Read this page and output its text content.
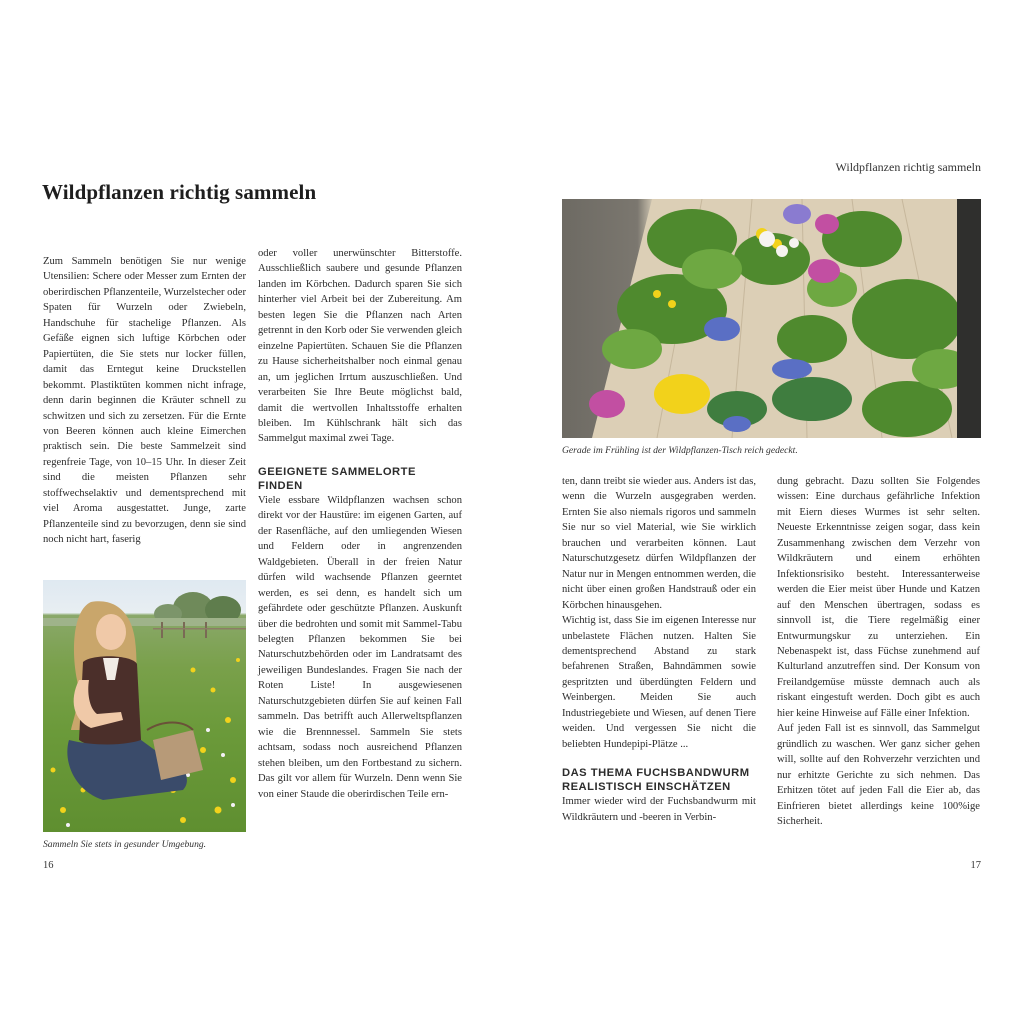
Wildpflanzen richtig sammeln

Zum Sammeln benötigen Sie nur wenige Utensilien: Schere oder Messer zum Ernten der oberirdischen Pflanzenteile, Wurzelstecher oder Spaten für Wurzeln oder Zwiebeln, Handschuhe für stachelige Pflanzen. Als Gefäße eignen sich luftige Körbchen oder Papiertüten, die Sie stets nur locker füllen, damit das Erntegut keine Druckstellen bekommt. Plastiktüten kommen nicht infrage, denn darin beginnen die Kräuter schnell zu schwitzen und sich zu zersetzen. Für die Ernte von Beeren können auch kleine Eimerchen praktisch sein. Die beste Sammelzeit sind regenfreie Tage, von 10–15 Uhr. In dieser Zeit sind die meisten Pflanzen sehr stoffwechselaktiv und dementsprechend mit viel Aroma ausgestattet. Junge, zarte Pflanzenteile sind zu bevorzugen, denn sie sind noch nicht hart, faserig

oder voller unerwünschter Bitterstoffe. Ausschließlich saubere und gesunde Pflanzen landen im Körbchen. Dadurch sparen Sie sich hinterher viel Arbeit bei der Zubereitung. Am besten legen Sie die Pflanzen nach Arten getrennt in den Korb oder Sie verwenden gleich einzelne Papiertüten. Schauen Sie die Pflanzen zu Hause sicherheitshalber noch einmal genau an, um jeglichen Irrtum auszuschließen. Und verarbeiten Sie Ihre Beute möglichst bald, damit die wertvollen Inhaltsstoffe erhalten bleiben. Im Kühlschrank hält sich das Sammelgut maximal zwei Tage.

GEEIGNETE SAMMELORTE
FINDEN

Viele essbare Wildpflanzen wachsen schon direkt vor der Haustüre: im eigenen Garten, auf der Rasenfläche, auf den umliegenden Wiesen und Feldern oder in angrenzenden Waldgebieten. Überall in der freien Natur dürfen wild wachsende Pflanzen geerntet werden, es sei denn, es handelt sich um gefährdete oder geschützte Pflanzen. Auskunft über die bedrohten und somit mit Sammel-Tabu belegten Pflanzen bekommen Sie bei Naturschutzbehörden oder im Landratsamt des jeweiligen Bundeslandes. Fragen Sie nach der Roten Liste! In ausgewiesenen Naturschutzgebieten dürfen Sie auf keinen Fall sammeln. Das betrifft auch Allerweltspflanzen wie die Brennnessel. Sammeln Sie stets achtsam, sodass noch ausreichend Pflanzen stehen bleiben, um den Fortbestand zu sichern. Das gilt vor allem für Wurzeln. Denn wenn Sie von einer Staude die oberirdischen Teile ern-

Sammeln Sie stets in gesunder Umgebung.

16

Wildpflanzen richtig sammeln

Gerade im Frühling ist der Wildpflanzen-Tisch reich gedeckt.

ten, dann treibt sie wieder aus. Anders ist das, wenn die Wurzeln ausgegraben werden. Ernten Sie also niemals rigoros und sammeln Sie nur so viel Material, wie Sie wirklich brauchen und verarbeiten können. Laut Naturschutzgesetz dürfen Wildpflanzen der Natur nur in Mengen entnommen werden, die nicht über einen großen Handstrauß oder ein Körbchen hinausgehen.

Wichtig ist, dass Sie im eigenen Interesse nur unbelastete Flächen nutzen. Halten Sie dementsprechend Abstand zu stark befahrenen Straßen, Bahndämmen sowie gespritzten und überdüngten Feldern und Weinbergen. Meiden Sie auch Industriegebiete und Wiesen, auf denen Tiere weiden. Und vergessen Sie nicht die beliebten Hundepipi-Plätze ...

DAS THEMA FUCHSBANDWURM
REALISTISCH EINSCHÄTZEN

Immer wieder wird der Fuchsbandwurm mit Wildkräutern und -beeren in Verbin-

dung gebracht. Dazu sollten Sie Folgendes wissen: Eine durchaus gefährliche Infektion mit Eiern dieses Wurmes ist sehr selten. Neueste Erkenntnisse zeigen sogar, dass kein Zusammenhang zwischen dem Verzehr von Wildkräutern und einem erhöhten Infektionsrisiko besteht. Interessanterweise werden die Eier meist über Hunde und Katzen auf den Menschen übertragen, sodass es sinnvoll ist, die Tiere regelmäßig einer Entwurmungskur zu unterziehen. Ein Nebenaspekt ist, dass Füchse zunehmend auf Kulturland anzutreffen sind. Der Konsum von Freilandgemüse müsste demnach auch als riskant eingestuft werden. Doch gibt es auch hier keine Hinweise auf Fälle einer Infektion.

Auf jeden Fall ist es sinnvoll, das Sammelgut gründlich zu waschen. Wer ganz sicher gehen will, sollte auf den Rohverzehr verzichten und nur erhitzte Gerichte zu sich nehmen. Das Erhitzen tötet auf jeden Fall die Eier ab, das Einfrieren bietet allerdings keine 100%ige Sicherheit.

17
